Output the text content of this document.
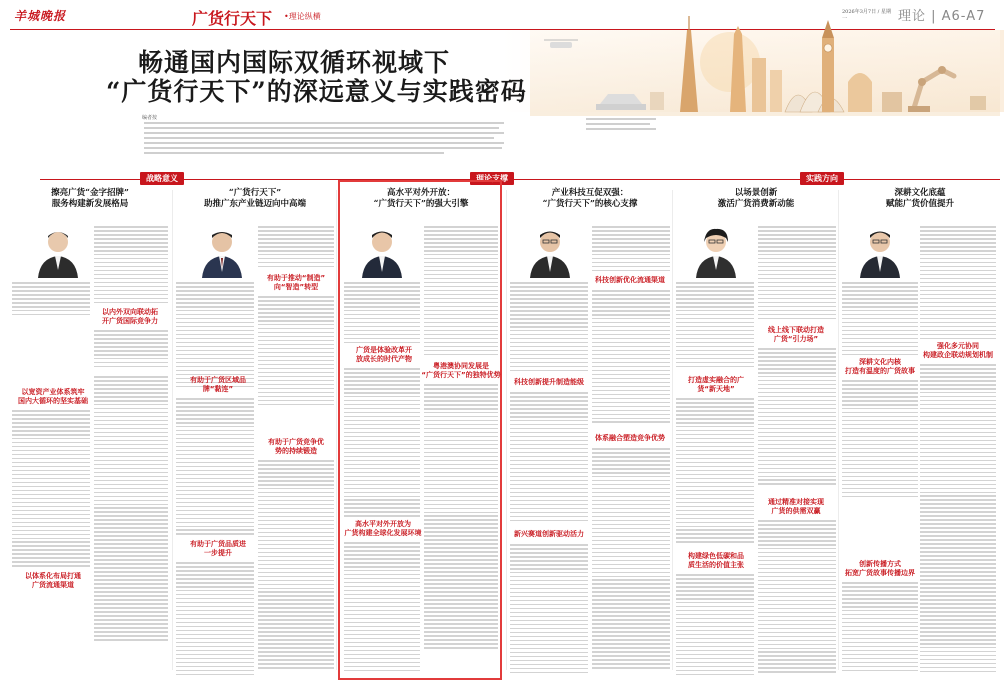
羊城晚报	广货行天下 •理论纵横	2026年3月7日 / 星期一	理论 | A6-A7
畅通国内国际双循环视域下
“广货行天下”的深远意义与实践密码
编者按
战略意义	理论支撑	实践方向
擦亮广货“金字招牌”
服务构建新发展格局
“广货行天下”
助推广东产业链迈向中高端
高水平对外开放：
“广货行天下”的强大引擎
产业科技互促双强：
“广货行天下”的核心支撑
以场景创新
激活广货消费新动能
深耕文化底蕴
赋能广货价值提升
以内外双向联动拓
开广货国际竞争力
以宽资产业体系筑牢
国内大循环的坚实基础
以体系化布局打通
广货流通渠道
有助于推动“制造”
向“智造”转型
有助于广货区域品
牌“黏连”
有助于广货竞争优
势的持续锻造
有助于广货品质进
一步提升
广货是体验改革开
放成长的时代产物
粤港澳协同发展是
“广货行天下”的独特优势
高水平对外开放为
广货构建全球化发展环境
科技创新优化流通渠道
科技创新提升制造能级
体系融合塑造竞争优势
新兴赛道创新驱动活力
线上线下联动打造
广货“引力场”
打造虚实融合的广
货“新天地”
通过精准对接实现
广货的供需双赢
构建绿色低碳和品
质生活的价值主张
强化多元协同
构建政企联动规划机制
深耕文化内核
打造有温度的广货故事
创新传播方式
拓宽广货故事传播边界
